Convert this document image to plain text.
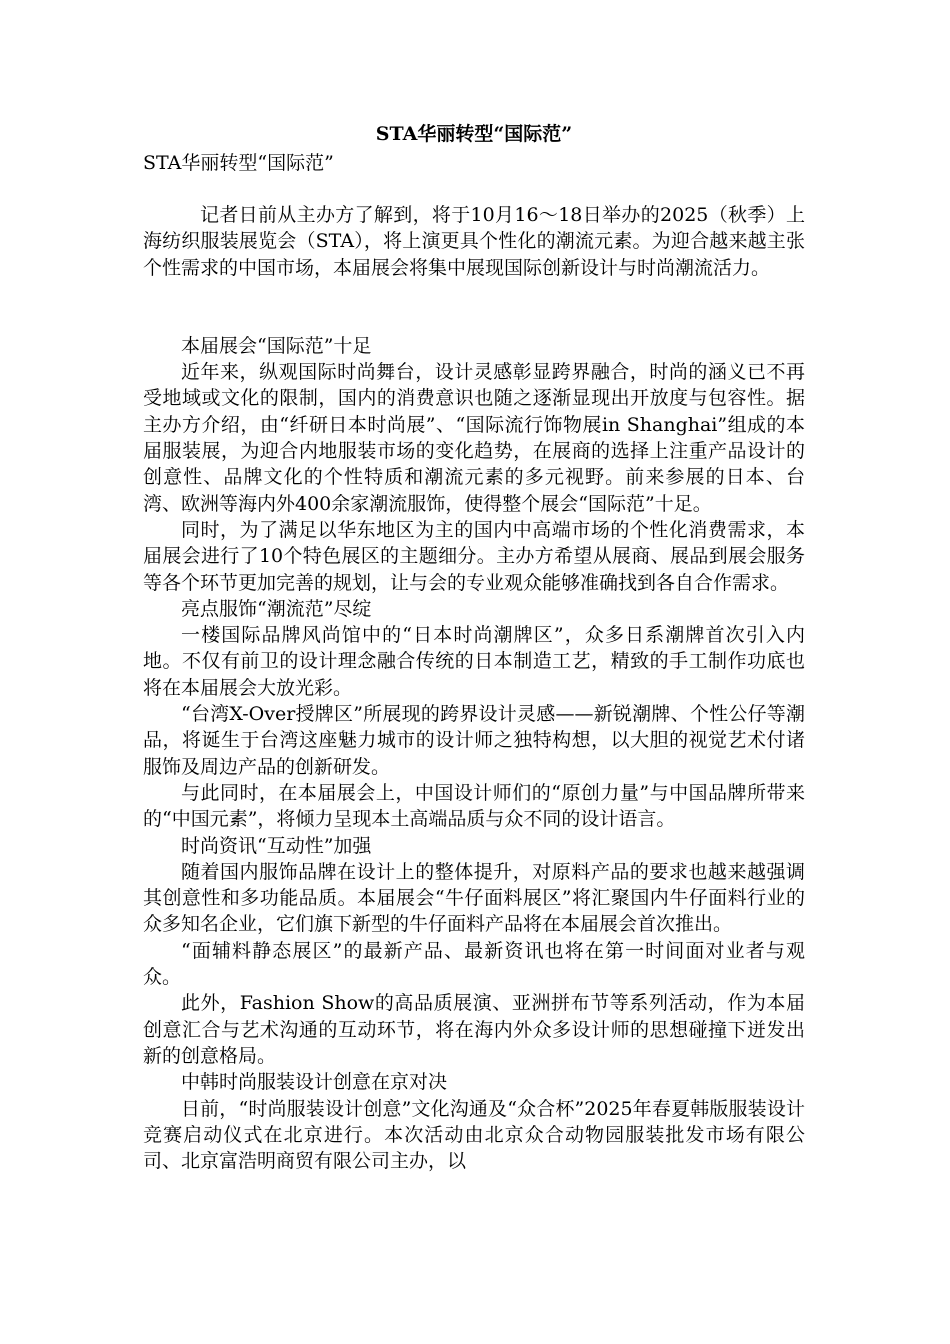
STA华丽转型“国际范”

STA华丽转型“国际范”

记者日前从主办方了解到，将于10月16～18日举办的2025（秋季）上海纺织服装展览会（STA），将上演更具个性化的潮流元素。为迎合越来越主张个性需求的中国市场，本届展会将集中展现国际创新设计与时尚潮流活力。

本届展会“国际范”十足

近年来，纵观国际时尚舞台，设计灵感彰显跨界融合，时尚的涵义已不再受地域或文化的限制，国内的消费意识也随之逐渐显现出开放度与包容性。据主办方介绍，由“纤研日本时尚展”、“国际流行饰物展in Shanghai”组成的本届服装展，为迎合内地服装市场的变化趋势，在展商的选择上注重产品设计的创意性、品牌文化的个性特质和潮流元素的多元视野。前来参展的日本、台湾、欧洲等海内外400余家潮流服饰，使得整个展会“国际范”十足。

同时，为了满足以华东地区为主的国内中高端市场的个性化消费需求，本届展会进行了10个特色展区的主题细分。主办方希望从展商、展品到展会服务等各个环节更加完善的规划，让与会的专业观众能够准确找到各自合作需求。

亮点服饰“潮流范”尽绽

一楼国际品牌风尚馆中的“日本时尚潮牌区”，众多日系潮牌首次引入内地。不仅有前卫的设计理念融合传统的日本制造工艺，精致的手工制作功底也将在本届展会大放光彩。

“台湾X-Over授牌区”所展现的跨界设计灵感——新锐潮牌、个性公仔等潮品，将诞生于台湾这座魅力城市的设计师之独特构想，以大胆的视觉艺术付诸服饰及周边产品的创新研发。

与此同时，在本届展会上，中国设计师们的“原创力量”与中国品牌所带来的“中国元素”，将倾力呈现本土高端品质与众不同的设计语言。

时尚资讯“互动性”加强

随着国内服饰品牌在设计上的整体提升，对原料产品的要求也越来越强调其创意性和多功能品质。本届展会“牛仔面料展区”将汇聚国内牛仔面料行业的众多知名企业，它们旗下新型的牛仔面料产品将在本届展会首次推出。

“面辅料静态展区”的最新产品、最新资讯也将在第一时间面对业者与观众。

此外，Fashion Show的高品质展演、亚洲拼布节等系列活动，作为本届创意汇合与艺术沟通的互动环节，将在海内外众多设计师的思想碰撞下迸发出新的创意格局。

中韩时尚服装设计创意在京对决

日前，“时尚服装设计创意”文化沟通及“众合杯”2025年春夏韩版服装设计竞赛启动仪式在北京进行。本次活动由北京众合动物园服装批发市场有限公司、北京富浩明商贸有限公司主办，以
